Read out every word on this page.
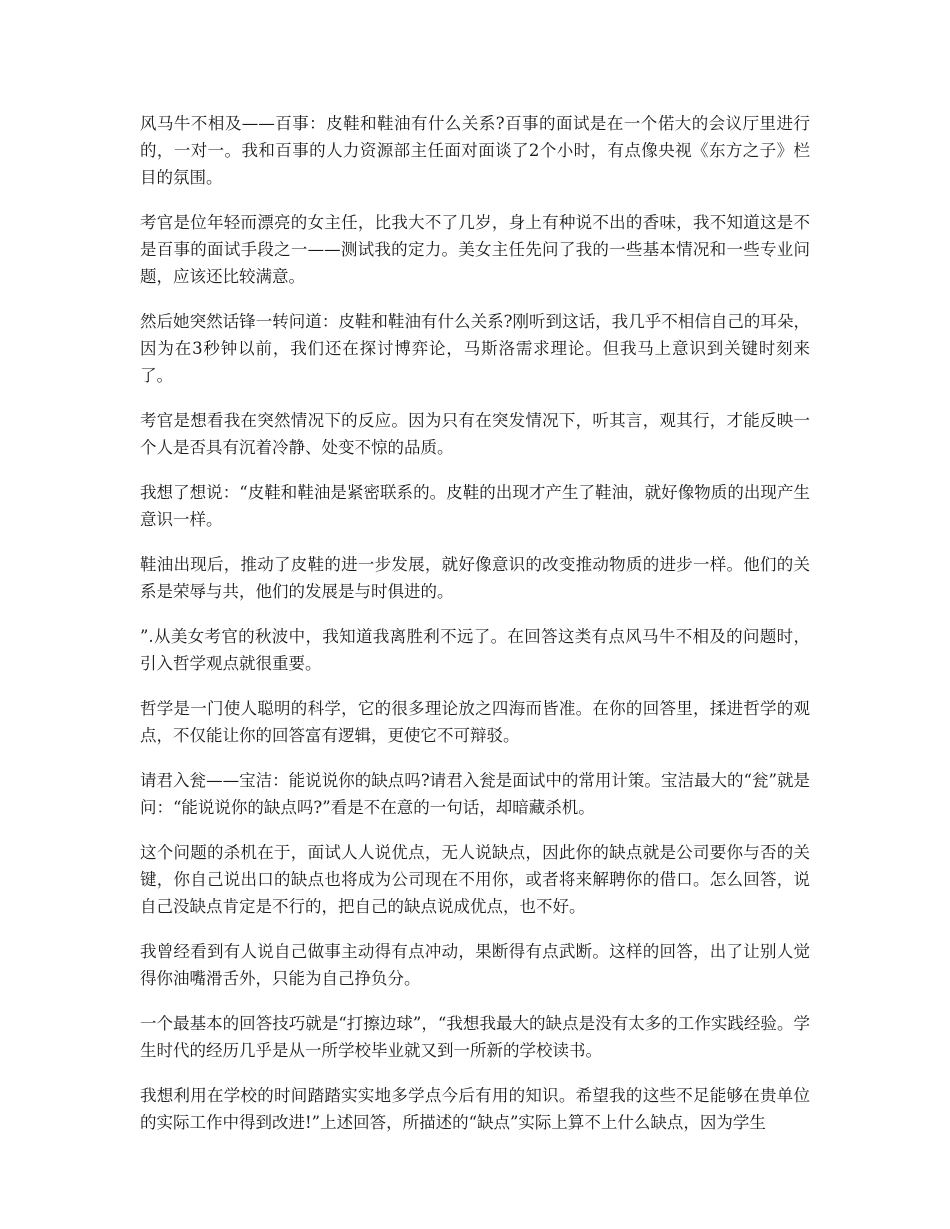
风马牛不相及——百事：皮鞋和鞋油有什么关系?百事的面试是在一个偌大的会议厅里进行的，一对一。我和百事的人力资源部主任面对面谈了2个小时，有点像央视《东方之子》栏目的氛围。

考官是位年轻而漂亮的女主任，比我大不了几岁，身上有种说不出的香味，我不知道这是不是百事的面试手段之一——测试我的定力。美女主任先问了我的一些基本情况和一些专业问题，应该还比较满意。

然后她突然话锋一转问道：皮鞋和鞋油有什么关系?刚听到这话，我几乎不相信自己的耳朵，因为在3秒钟以前，我们还在探讨博弈论，马斯洛需求理论。但我马上意识到关键时刻来了。

考官是想看我在突然情况下的反应。因为只有在突发情况下，听其言，观其行，才能反映一个人是否具有沉着冷静、处变不惊的品质。

我想了想说：“皮鞋和鞋油是紧密联系的。皮鞋的出现才产生了鞋油，就好像物质的出现产生意识一样。

鞋油出现后，推动了皮鞋的进一步发展，就好像意识的改变推动物质的进步一样。他们的关系是荣辱与共，他们的发展是与时俱进的。

”.从美女考官的秋波中，我知道我离胜利不远了。在回答这类有点风马牛不相及的问题时，引入哲学观点就很重要。

哲学是一门使人聪明的科学，它的很多理论放之四海而皆准。在你的回答里，揉进哲学的观点，不仅能让你的回答富有逻辑，更使它不可辩驳。

请君入瓮——宝洁：能说说你的缺点吗?请君入瓮是面试中的常用计策。宝洁最大的“瓮”就是问：“能说说你的缺点吗?”看是不在意的一句话，却暗藏杀机。

这个问题的杀机在于，面试人人说优点，无人说缺点，因此你的缺点就是公司要你与否的关键，你自己说出口的缺点也将成为公司现在不用你，或者将来解聘你的借口。怎么回答，说自己没缺点肯定是不行的，把自己的缺点说成优点，也不好。

我曾经看到有人说自己做事主动得有点冲动，果断得有点武断。这样的回答，出了让别人觉得你油嘴滑舌外，只能为自己挣负分。

一个最基本的回答技巧就是“打擦边球”，“我想我最大的缺点是没有太多的工作实践经验。学生时代的经历几乎是从一所学校毕业就又到一所新的学校读书。

我想利用在学校的时间踏踏实实地多学点今后有用的知识。希望我的这些不足能够在贵单位的实际工作中得到改进!”上述回答，所描述的“缺点”实际上算不上什么缺点，因为学生
